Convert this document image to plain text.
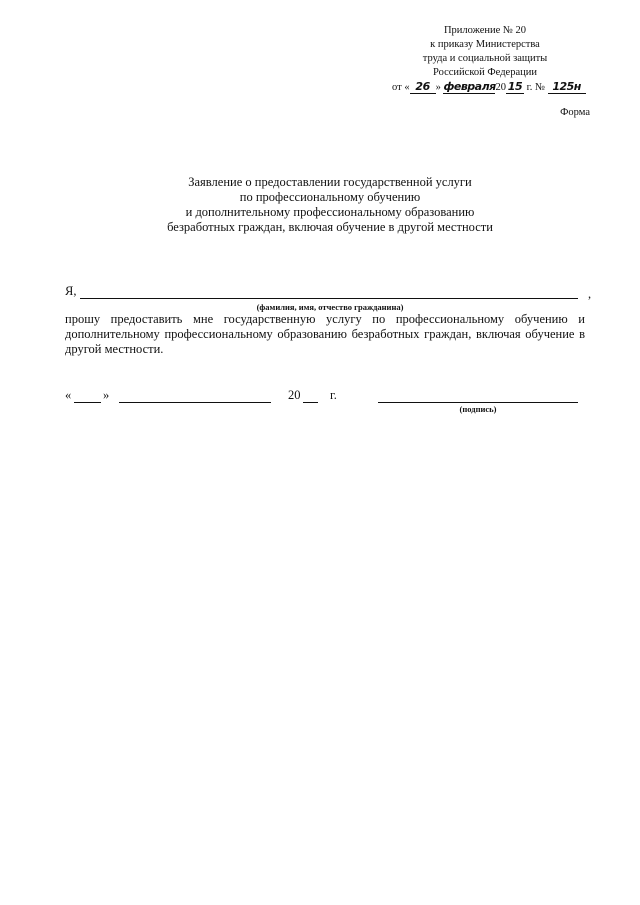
Приложение № 20
к приказу Министерства
труда и социальной защиты
Российской Федерации
от « 26 » февраля20 15 г. № 125н
Форма
Заявление о предоставлении государственной услуги
по профессиональному обучению
и дополнительному профессиональному образованию
безработных граждан, включая обучение в другой местности
Я,	,
(фамилия, имя, отчество гражданина)
прошу предоставить мне государственную услугу по профессиональному обучению и дополнительному профессиональному образованию безработных граждан, включая обучение в другой местности.
«	»	20 г.
(подпись)
